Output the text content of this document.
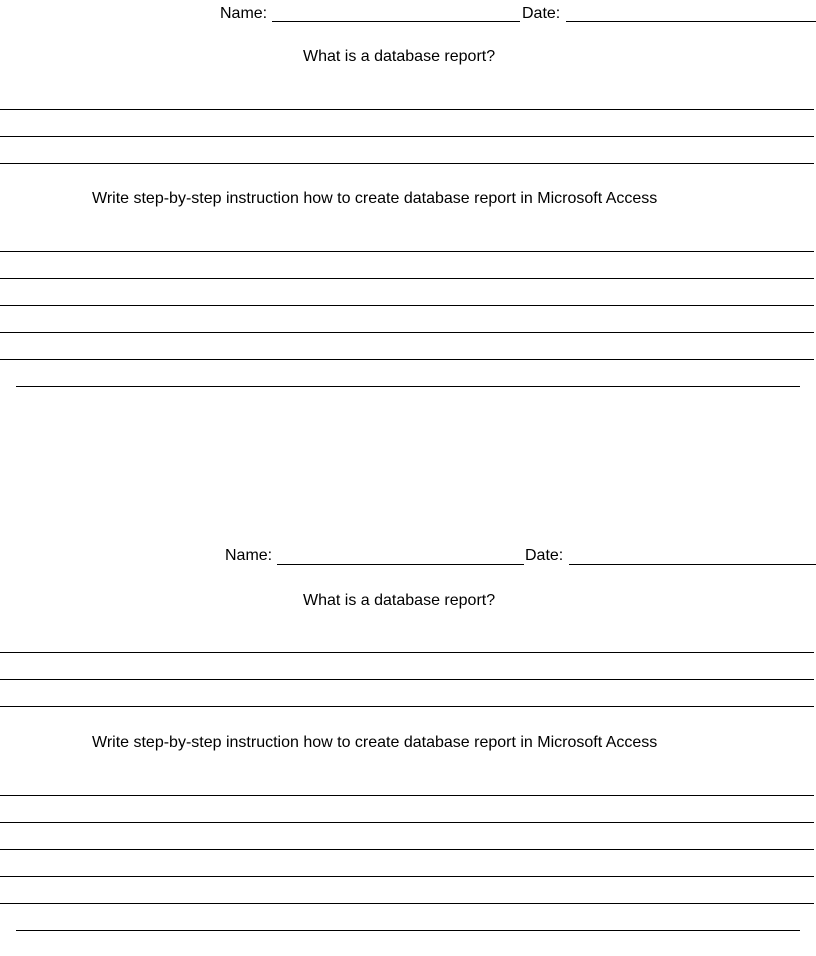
Name:	Date:
What is a database report?
Write step-by-step instruction how to create database report in Microsoft Access
Name:	Date:
What is a database report?
Write step-by-step instruction how to create database report in Microsoft Access
